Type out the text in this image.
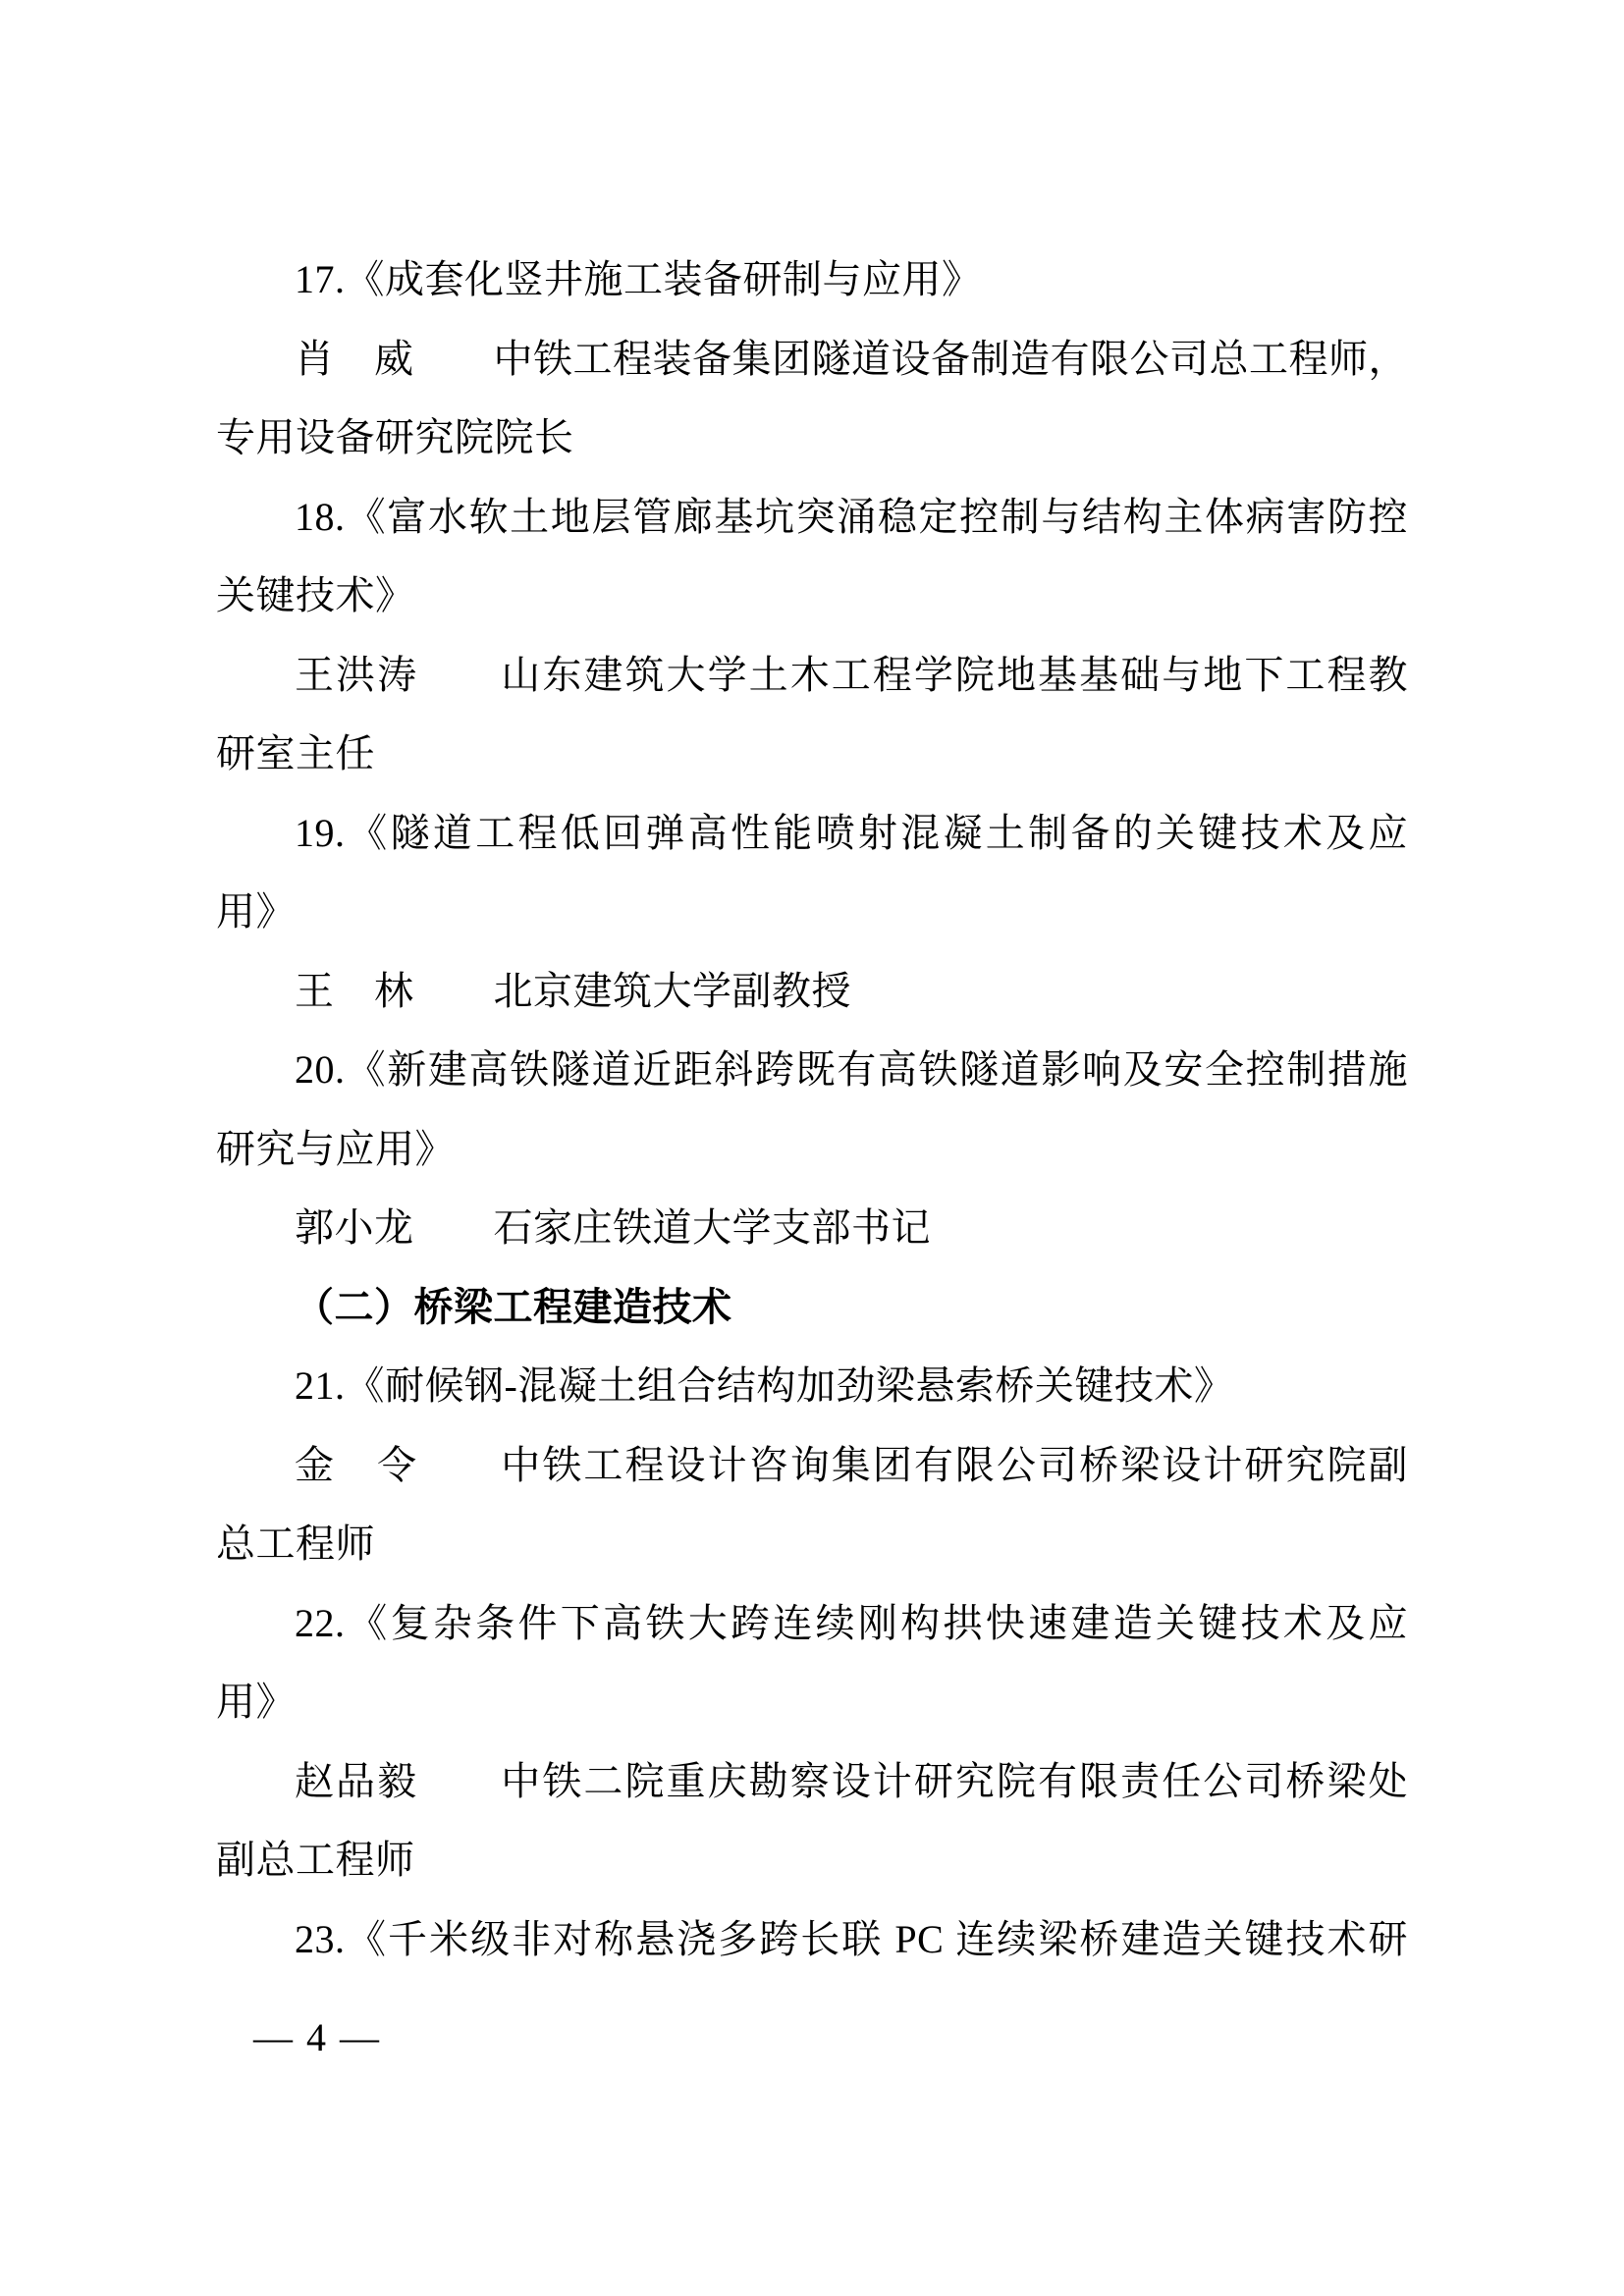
17.《成套化竖井施工装备研制与应用》
肖　威　　中铁工程装备集团隧道设备制造有限公司总工程师，
专用设备研究院院长
18.《富水软土地层管廊基坑突涌稳定控制与结构主体病害防控
关键技术》
王洪涛　　山东建筑大学土木工程学院地基基础与地下工程教
研室主任
19.《隧道工程低回弹高性能喷射混凝土制备的关键技术及应
用》
王　林　　北京建筑大学副教授
20.《新建高铁隧道近距斜跨既有高铁隧道影响及安全控制措施
研究与应用》
郭小龙　　石家庄铁道大学支部书记
（二）桥梁工程建造技术
21.《耐候钢-混凝土组合结构加劲梁悬索桥关键技术》
金　令　　中铁工程设计咨询集团有限公司桥梁设计研究院副
总工程师
22.《复杂条件下高铁大跨连续刚构拱快速建造关键技术及应
用》
赵品毅　　中铁二院重庆勘察设计研究院有限责任公司桥梁处
副总工程师
23.《千米级非对称悬浇多跨长联 PC 连续梁桥建造关键技术研
— 4 —
